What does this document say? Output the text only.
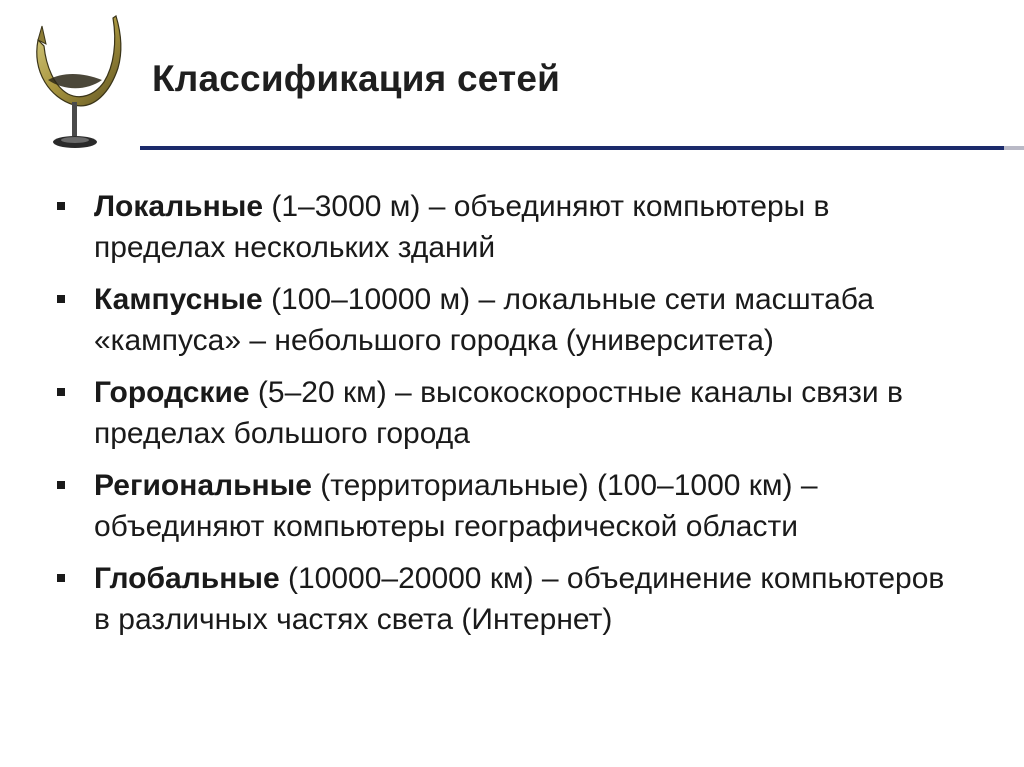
Классификация сетей
Локальные (1–3000 м) – объединяют компьютеры в пределах нескольких зданий
Кампусные (100–10000 м) – локальные сети масштаба «кампуса» – небольшого городка (университета)
Городские (5–20 км) – высокоскоростные каналы связи в пределах большого города
Региональные (территориальные) (100–1000 км) – объединяют компьютеры географической области
Глобальные (10000–20000 км) – объединение компьютеров в различных частях света (Интернет)
